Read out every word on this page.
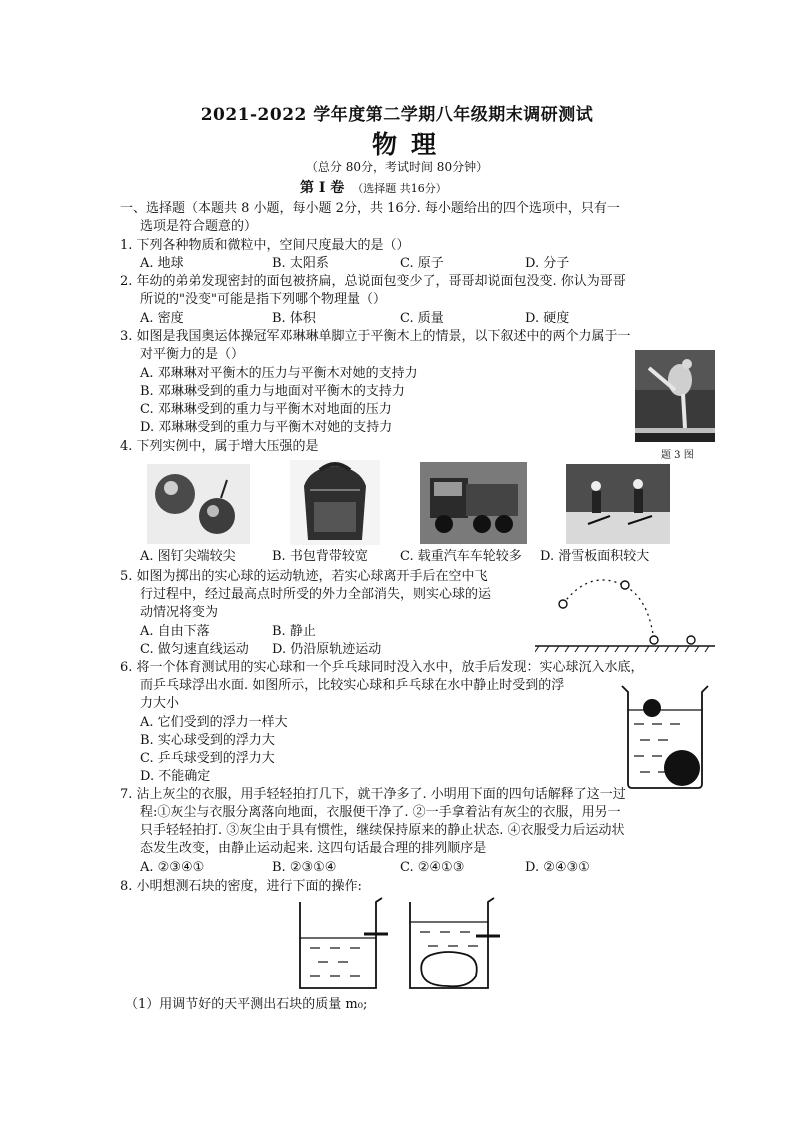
2021-2022 学年度第二学期八年级期末调研测试
物理
（总分 80分，考试时间 80分钟）
第 I 卷 （选择题 共16分）
一、选择题（本题共 8 小题，每小题 2分，共 16分. 每小题给出的四个选项中，只有一
选项是符合题意的）
1. 下列各种物质和微粒中，空间尺度最大的是（）
A. 地球	B. 太阳系	C. 原子	D. 分子
2. 年幼的弟弟发现密封的面包被挤扁，总说面包变少了，哥哥却说面包没变. 你认为哥哥
所说的"没变"可能是指下列哪个物理量（）
A. 密度	B. 体积	C. 质量	D. 硬度
3. 如图是我国奥运体操冠军邓琳琳单脚立于平衡木上的情景，以下叙述中的两个力属于一
对平衡力的是（）
A. 邓琳琳对平衡木的压力与平衡木对她的支持力
B. 邓琳琳受到的重力与地面对平衡木的支持力
C. 邓琳琳受到的重力与平衡木对地面的压力
D. 邓琳琳受到的重力与平衡木对她的支持力
题 3 图
4. 下列实例中，属于增大压强的是
A. 图钉尖端较尖	B. 书包背带较宽 C. 载重汽车车轮较多 D. 滑雪板面积较大
5. 如图为掷出的实心球的运动轨迹，若实心球离开手后在空中飞
行过程中，经过最高点时所受的外力全部消失，则实心球的运
动情况将变为
A. 自由下落	B. 静止
C. 做匀速直线运动 D. 仍沿原轨迹运动
6. 将一个体育测试用的实心球和一个乒乓球同时没入水中，放手后发现：实心球沉入水底，
而乒乓球浮出水面. 如图所示，比较实心球和乒乓球在水中静止时受到的浮
力大小
A. 它们受到的浮力一样大
B. 实心球受到的浮力大
C. 乒乓球受到的浮力大
D. 不能确定
7. 沾上灰尘的衣服，用手轻轻拍打几下，就干净多了. 小明用下面的四句话解释了这一过
程:①灰尘与衣服分离落向地面，衣服便干净了. ②一手拿着沾有灰尘的衣服，用另一
只手轻轻拍打. ③灰尘由于具有惯性，继续保持原来的静止状态. ④衣服受力后运动状
态发生改变，由静止运动起来. 这四句话最合理的排列顺序是
A. ②③④①	B. ②③①④	C. ②④①③	D. ②④③①
8. 小明想测石块的密度，进行下面的操作:
（1）用调节好的天平测出石块的质量 m₀;
